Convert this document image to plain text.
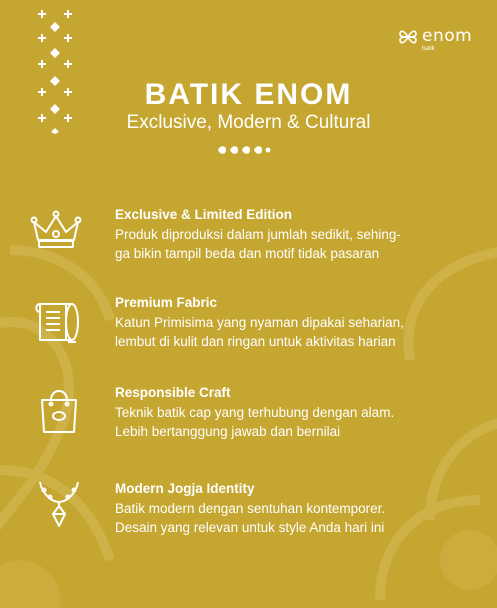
enom
batik
BATIK ENOM
Exclusive, Modern & Cultural
Exclusive & Limited Edition

Produk diproduksi dalam jumlah sedikit, sehing-
ga bikin tampil beda dan motif tidak pasaran

Premium Fabric

Katun Primisima yang nyaman dipakai seharian,
lembut di kulit dan ringan untuk aktivitas harian

Responsible Craft

Teknik batik cap yang terhubung dengan alam.
Lebih bertanggung jawab dan bernilai

Modern Jogja Identity

Batik modern dengan sentuhan kontemporer.
Desain yang relevan untuk style Anda hari ini
